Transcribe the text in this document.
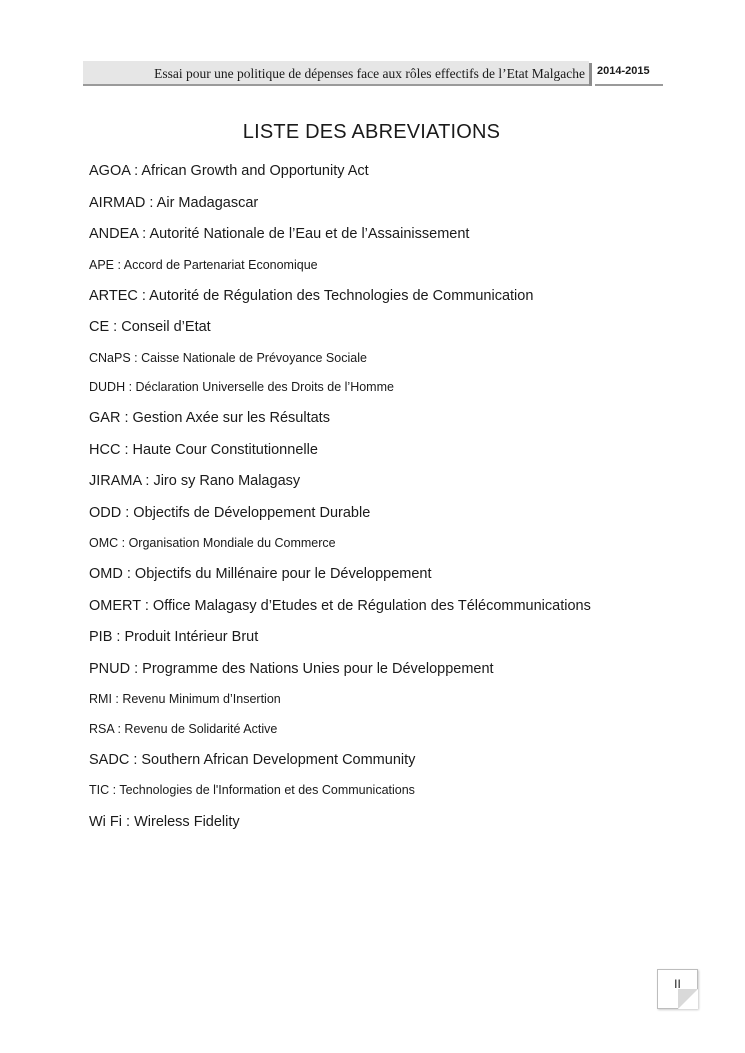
Essai pour une politique de dépenses face aux rôles effectifs de l’Etat Malgache	2014-2015
LISTE DES ABREVIATIONS
AGOA : African Growth and Opportunity Act
AIRMAD : Air Madagascar
ANDEA : Autorité Nationale de l’Eau et de l’Assainissement
APE : Accord de Partenariat Economique
ARTEC : Autorité de Régulation des Technologies de Communication
CE : Conseil d’Etat
CNaPS : Caisse Nationale de Prévoyance Sociale
DUDH : Déclaration Universelle des Droits de l’Homme
GAR : Gestion Axée sur les Résultats
HCC : Haute Cour Constitutionnelle
JIRAMA : Jiro sy Rano Malagasy
ODD : Objectifs de Développement Durable
OMC : Organisation Mondiale du Commerce
OMD : Objectifs du Millénaire pour le Développement
OMERT : Office Malagasy d’Etudes et de Régulation des Télécommunications
PIB : Produit Intérieur Brut
PNUD : Programme des Nations Unies pour le Développement
RMI : Revenu Minimum d’Insertion
RSA : Revenu de Solidarité Active
SADC : Southern African Development Community
TIC : Technologies de l'Information et des Communications
Wi Fi : Wireless Fidelity
II
